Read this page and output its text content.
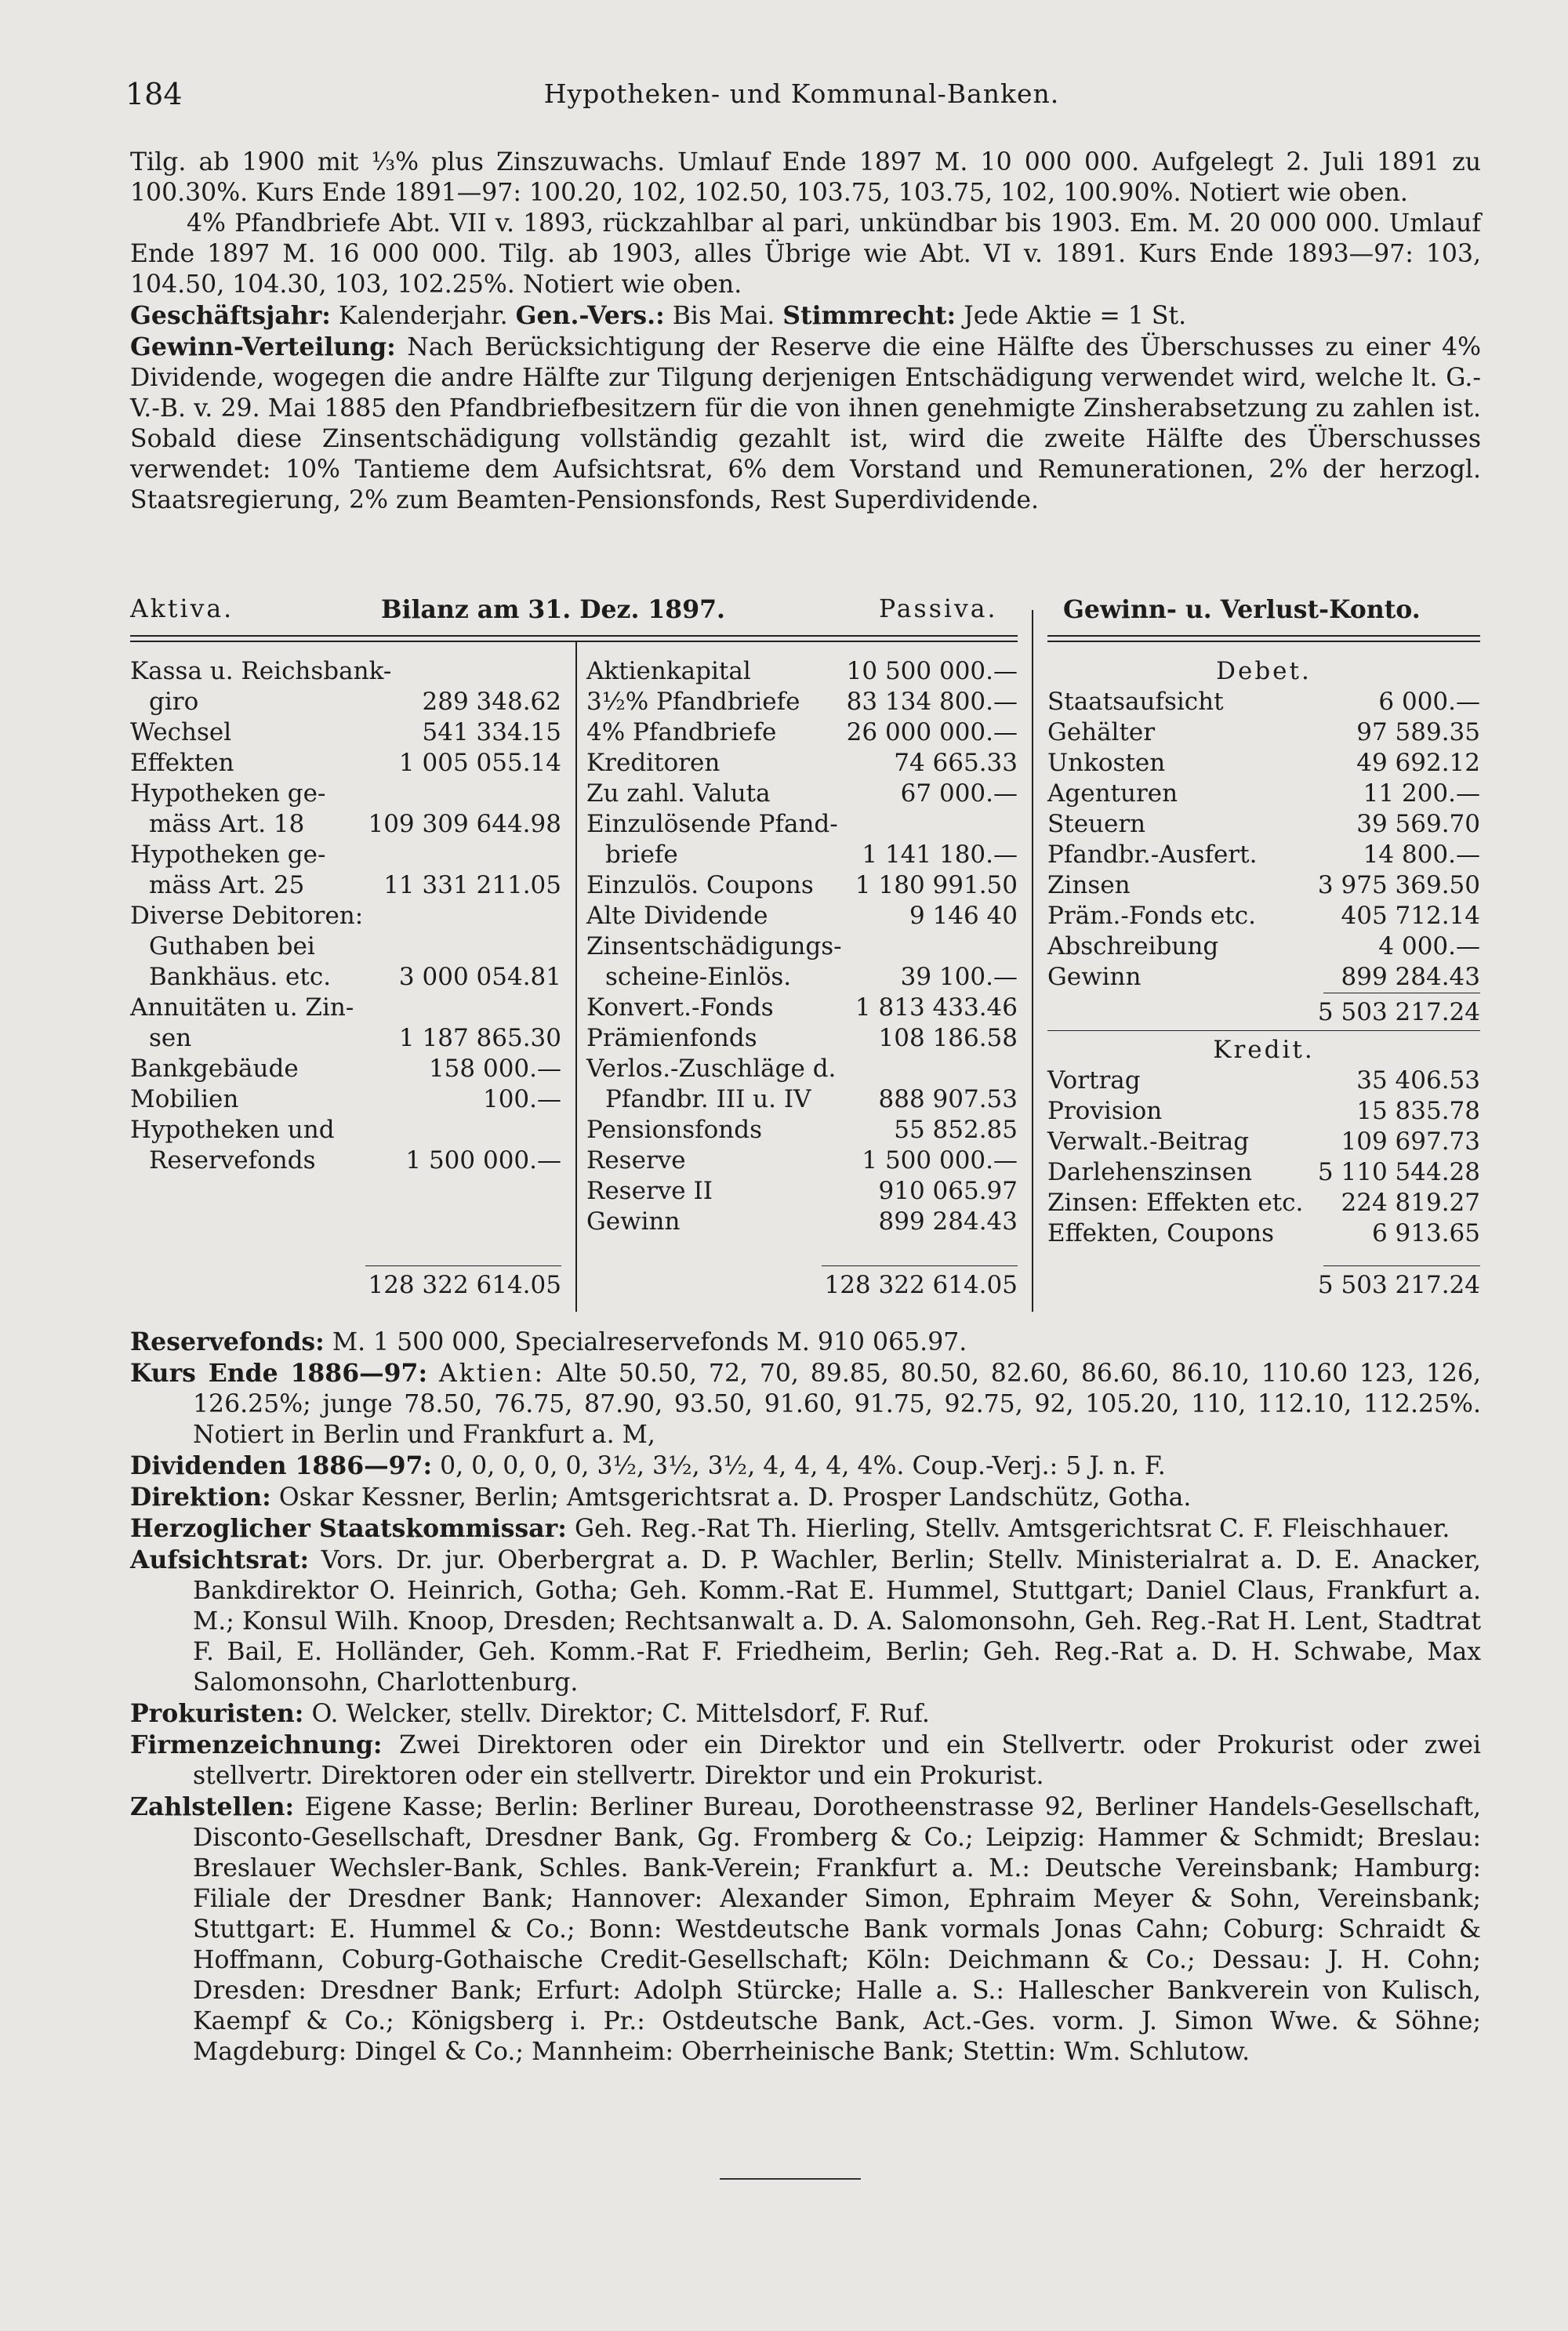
184	Hypotheken- und Kommunal-Banken.

Tilg. ab 1900 mit ⅓% plus Zinszuwachs. Umlauf Ende 1897 M. 10 000 000. Aufgelegt 2. Juli 1891 zu 100.30%. Kurs Ende 1891—97: 100.20, 102, 102.50, 103.75, 103.75, 102, 100.90%. Notiert wie oben.

4% Pfandbriefe Abt. VII v. 1893, rückzahlbar al pari, unkündbar bis 1903. Em. M. 20 000 000. Umlauf Ende 1897 M. 16 000 000. Tilg. ab 1903, alles Übrige wie Abt. VI v. 1891. Kurs Ende 1893—97: 103, 104.50, 104.30, 103, 102.25%. Notiert wie oben.

Geschäftsjahr: Kalenderjahr. Gen.-Vers.: Bis Mai. Stimmrecht: Jede Aktie = 1 St.

Gewinn-Verteilung: Nach Berücksichtigung der Reserve die eine Hälfte des Überschusses zu einer 4% Dividende, wogegen die andre Hälfte zur Tilgung derjenigen Entschädigung verwendet wird, welche lt. G.-V.-B. v. 29. Mai 1885 den Pfandbriefbesitzern für die von ihnen genehmigte Zinsherabsetzung zu zahlen ist. Sobald diese Zinsentschädigung vollständig gezahlt ist, wird die zweite Hälfte des Überschusses verwendet: 10% Tantieme dem Aufsichtsrat, 6% dem Vorstand und Remunerationen, 2% der herzogl. Staatsregierung, 2% zum Beamten-Pensionsfonds, Rest Superdividende.

Aktiva.	Bilanz am 31. Dez. 1897.	Passiva.	Gewinn- u. Verlust-Konto.
Kassa u. Reichsbank-
giro	289 348.62
Wechsel	541 334.15
Effekten	1 005 055.14
Hypotheken ge-
mäss Art. 18	109 309 644.98
Hypotheken ge-
mäss Art. 25	11 331 211.05
Diverse Debitoren:
Guthaben bei
Bankhäus. etc.	3 000 054.81
Annuitäten u. Zin-
sen	1 187 865.30
Bankgebäude	158 000.—
Mobilien	100.—
Hypotheken und
Reservefonds	1 500 000.—
128 322 614.05
Aktienkapital	10 500 000.—
3½% Pfandbriefe	83 134 800.—
4% Pfandbriefe	26 000 000.—
Kreditoren	74 665.33
Zu zahl. Valuta	67 000.—
Einzulösende Pfand-
briefe	1 141 180.—
Einzulös. Coupons	1 180 991.50
Alte Dividende	9 146 40
Zinsentschädigungs-
scheine-Einlös.	39 100.—
Konvert.-Fonds	1 813 433.46
Prämienfonds	108 186.58
Verlos.-Zuschläge d.
Pfandbr. III u. IV	888 907.53
Pensionsfonds	55 852.85
Reserve	1 500 000.—
Reserve II	910 065.97
Gewinn	899 284.43
128 322 614.05
Debet.
Staatsaufsicht	6 000.—
Gehälter	97 589.35
Unkosten	49 692.12
Agenturen	11 200.—
Steuern	39 569.70
Pfandbr.-Ausfert.	14 800.—
Zinsen	3 975 369.50
Präm.-Fonds etc.	405 712.14
Abschreibung	4 000.—
Gewinn	899 284.43
5 503 217.24
Kredit.
Vortrag	35 406.53
Provision	15 835.78
Verwalt.-Beitrag	109 697.73
Darlehenszinsen	5 110 544.28
Zinsen: Effekten etc.	224 819.27
Effekten, Coupons	6 913.65
5 503 217.24

Reservefonds: M. 1 500 000, Specialreservefonds M. 910 065.97.

Kurs Ende 1886—97: Aktien: Alte 50.50, 72, 70, 89.85, 80.50, 82.60, 86.60, 86.10, 110.60 123, 126, 126.25%; junge 78.50, 76.75, 87.90, 93.50, 91.60, 91.75, 92.75, 92, 105.20, 110, 112.10, 112.25%. Notiert in Berlin und Frankfurt a. M,

Dividenden 1886—97: 0, 0, 0, 0, 0, 3½, 3½, 3½, 4, 4, 4, 4%. Coup.-Verj.: 5 J. n. F.

Direktion: Oskar Kessner, Berlin; Amtsgerichtsrat a. D. Prosper Landschütz, Gotha.

Herzoglicher Staatskommissar: Geh. Reg.-Rat Th. Hierling, Stellv. Amtsgerichtsrat C. F. Fleischhauer.

Aufsichtsrat: Vors. Dr. jur. Oberbergrat a. D. P. Wachler, Berlin; Stellv. Ministerialrat a. D. E. Anacker, Bankdirektor O. Heinrich, Gotha; Geh. Komm.-Rat E. Hummel, Stuttgart; Daniel Claus, Frankfurt a. M.; Konsul Wilh. Knoop, Dresden; Rechtsanwalt a. D. A. Salomonsohn, Geh. Reg.-Rat H. Lent, Stadtrat F. Bail, E. Holländer, Geh. Komm.-Rat F. Friedheim, Berlin; Geh. Reg.-Rat a. D. H. Schwabe, Max Salomonsohn, Charlottenburg.

Prokuristen: O. Welcker, stellv. Direktor; C. Mittelsdorf, F. Ruf.

Firmenzeichnung: Zwei Direktoren oder ein Direktor und ein Stellvertr. oder Prokurist oder zwei stellvertr. Direktoren oder ein stellvertr. Direktor und ein Prokurist.

Zahlstellen: Eigene Kasse; Berlin: Berliner Bureau, Dorotheenstrasse 92, Berliner Handels-Gesellschaft, Disconto-Gesellschaft, Dresdner Bank, Gg. Fromberg & Co.; Leipzig: Hammer & Schmidt; Breslau: Breslauer Wechsler-Bank, Schles. Bank-Verein; Frankfurt a. M.: Deutsche Vereinsbank; Hamburg: Filiale der Dresdner Bank; Hannover: Alexander Simon, Ephraim Meyer & Sohn, Vereinsbank; Stuttgart: E. Hummel & Co.; Bonn: Westdeutsche Bank vormals Jonas Cahn; Coburg: Schraidt & Hoffmann, Coburg-Gothaische Credit-Gesellschaft; Köln: Deichmann & Co.; Dessau: J. H. Cohn; Dresden: Dresdner Bank; Erfurt: Adolph Stürcke; Halle a. S.: Hallescher Bankverein von Kulisch, Kaempf & Co.; Königsberg i. Pr.: Ostdeutsche Bank, Act.-Ges. vorm. J. Simon Wwe. & Söhne; Magdeburg: Dingel & Co.; Mannheim: Oberrheinische Bank; Stettin: Wm. Schlutow.
